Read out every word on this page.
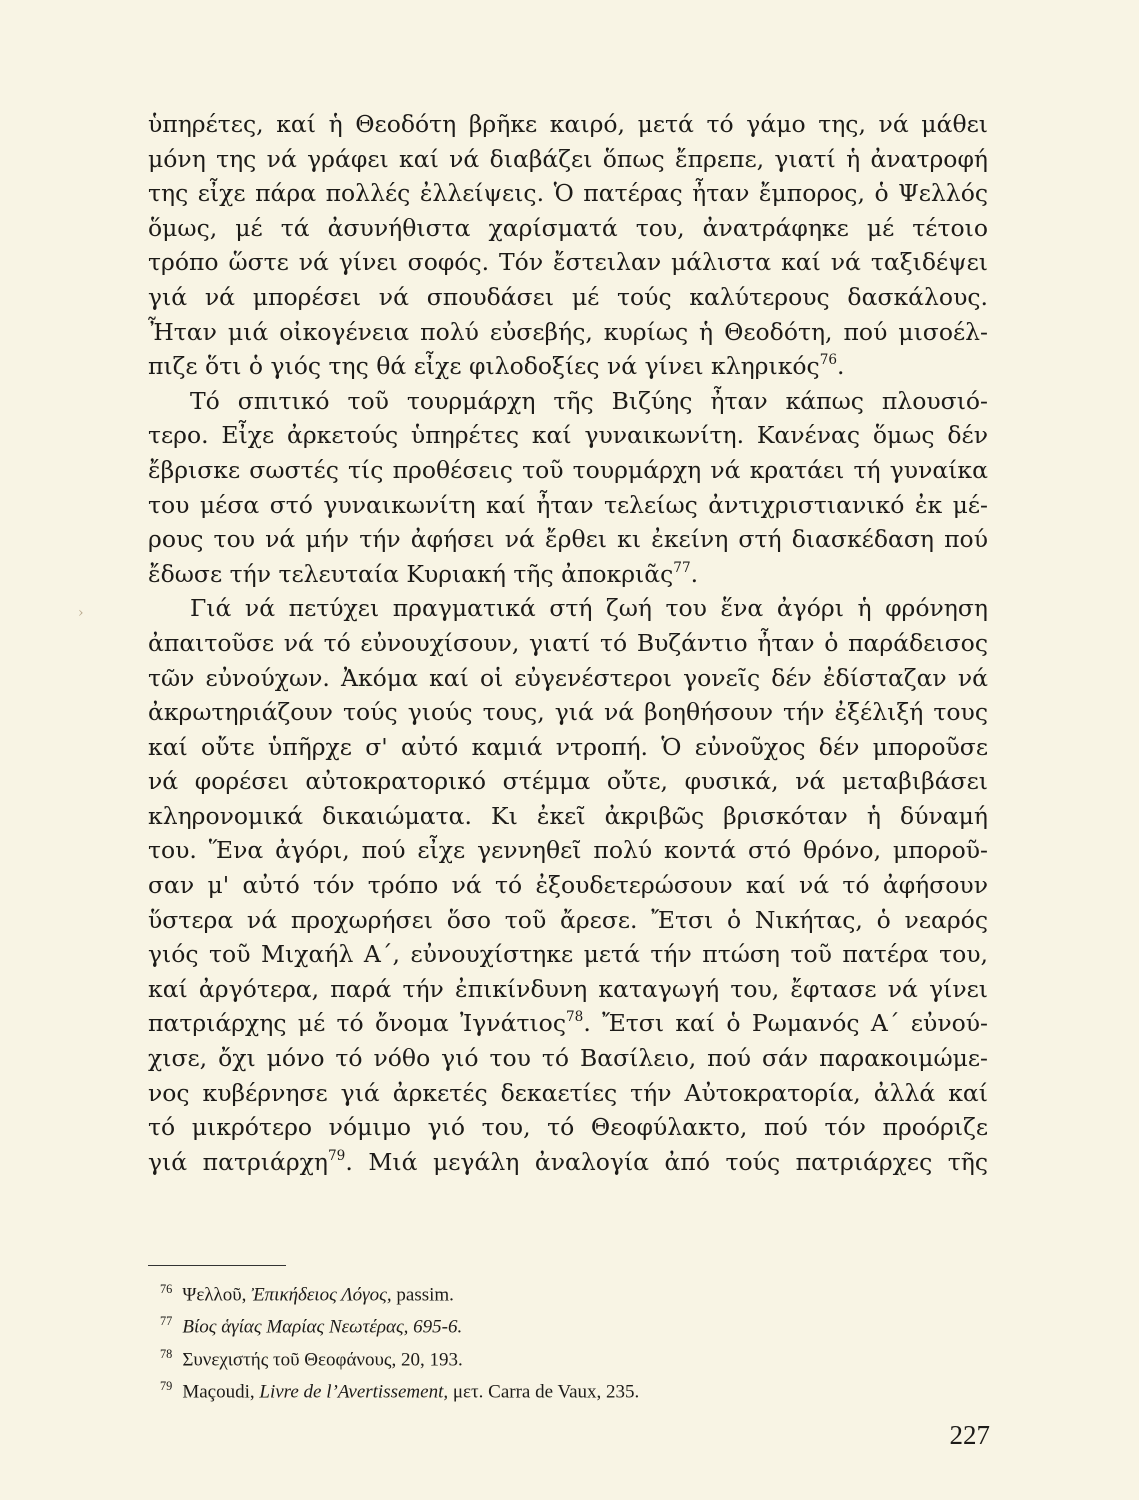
ὑπηρέτες, καί ἡ Θεοδότη βρῆκε καιρό, μετά τό γάμο της, νά μάθει
μόνη της νά γράφει καί νά διαβάζει ὅπως ἔπρεπε, γιατί ἡ ἀνατροφή
της εἶχε πάρα πολλές ἐλλείψεις. Ὁ πατέρας ἦταν ἔμπορος, ὁ Ψελλός
ὅμως, μέ τά ἀσυνήθιστα χαρίσματά του, ἀνατράφηκε μέ τέτοιο
τρόπο ὥστε νά γίνει σοφός. Τόν ἔστειλαν μάλιστα καί νά ταξιδέψει
γιά νά μπορέσει νά σπουδάσει μέ τούς καλύτερους δασκάλους.
Ἦταν μιά οἰκογένεια πολύ εὐσεβής, κυρίως ἡ Θεοδότη, πού μισοέλ-
πιζε ὅτι ὁ γιός της θά εἶχε φιλοδοξίες νά γίνει κληρικός$^{76}$.
Τό σπιτικό τοῦ τουρμάρχη τῆς Βιζύης ἦταν κάπως πλουσιό-
τερο. Εἶχε ἀρκετούς ὑπηρέτες καί γυναικωνίτη. Κανένας ὅμως δέν
ἔβρισκε σωστές τίς προθέσεις τοῦ τουρμάρχη νά κρατάει τή γυναίκα
του μέσα στό γυναικωνίτη καί ἦταν τελείως ἀντιχριστιανικό ἐκ μέ-
ρους του νά μήν τήν ἀφήσει νά ἔρθει κι ἐκείνη στή διασκέδαση πού
ἔδωσε τήν τελευταία Κυριακή τῆς ἀποκριᾶς$^{77}$.
Γιά νά πετύχει πραγματικά στή ζωή του ἕνα ἀγόρι ἡ φρόνηση
ἀπαιτοῦσε νά τό εὐνουχίσουν, γιατί τό Βυζάντιο ἦταν ὁ παράδεισος
τῶν εὐνούχων. Ἀκόμα καί οἱ εὐγενέστεροι γονεῖς δέν ἐδίσταζαν νά
ἀκρωτηριάζουν τούς γιούς τους, γιά νά βοηθήσουν τήν ἐξέλιξή τους
καί οὔτε ὑπῆρχε σ' αὐτό καμιά ντροπή. Ὁ εὐνοῦχος δέν μποροῦσε
νά φορέσει αὐτοκρατορικό στέμμα οὔτε, φυσικά, νά μεταβιβάσει
κληρονομικά δικαιώματα. Κι ἐκεῖ ἀκριβῶς βρισκόταν ἡ δύναμή
του. Ἕνα ἀγόρι, πού εἶχε γεννηθεῖ πολύ κοντά στό θρόνο, μποροῦ-
σαν μ' αὐτό τόν τρόπο νά τό ἐξουδετερώσουν καί νά τό ἀφήσουν
ὕστερα νά προχωρήσει ὅσο τοῦ ἄρεσε. Ἔτσι ὁ Νικήτας, ὁ νεαρός
γιός τοῦ Μιχαήλ Α΄, εὐνουχίστηκε μετά τήν πτώση τοῦ πατέρα του,
καί ἀργότερα, παρά τήν ἐπικίνδυνη καταγωγή του, ἔφτασε νά γίνει
πατριάρχης μέ τό ὄνομα Ἰγνάτιος$^{78}$. Ἔτσι καί ὁ Ρωμανός Α΄ εὐνού-
χισε, ὄχι μόνο τό νόθο γιό του τό Βασίλειο, πού σάν παρακοιμώμε-
νος κυβέρνησε γιά ἀρκετές δεκαετίες τήν Αὐτοκρατορία, ἀλλά καί
τό μικρότερο νόμιμο γιό του, τό Θεοφύλακτο, πού τόν προόριζε
γιά πατριάρχη$^{79}$. Μιά μεγάλη ἀναλογία ἀπό τούς πατριάρχες τῆς
$^{76}$ Ψελλοῦ, Ἐπικήδειος Λόγος, passim.
$^{77}$ Βίος ἁγίας Μαρίας Νεωτέρας, 695-6.
$^{78}$ Συνεχιστής τοῦ Θεοφάνους, 20, 193.
$^{79}$ Maçoudi, Livre de l’Avertissement, μετ. Carra de Vaux, 235.
227
›
